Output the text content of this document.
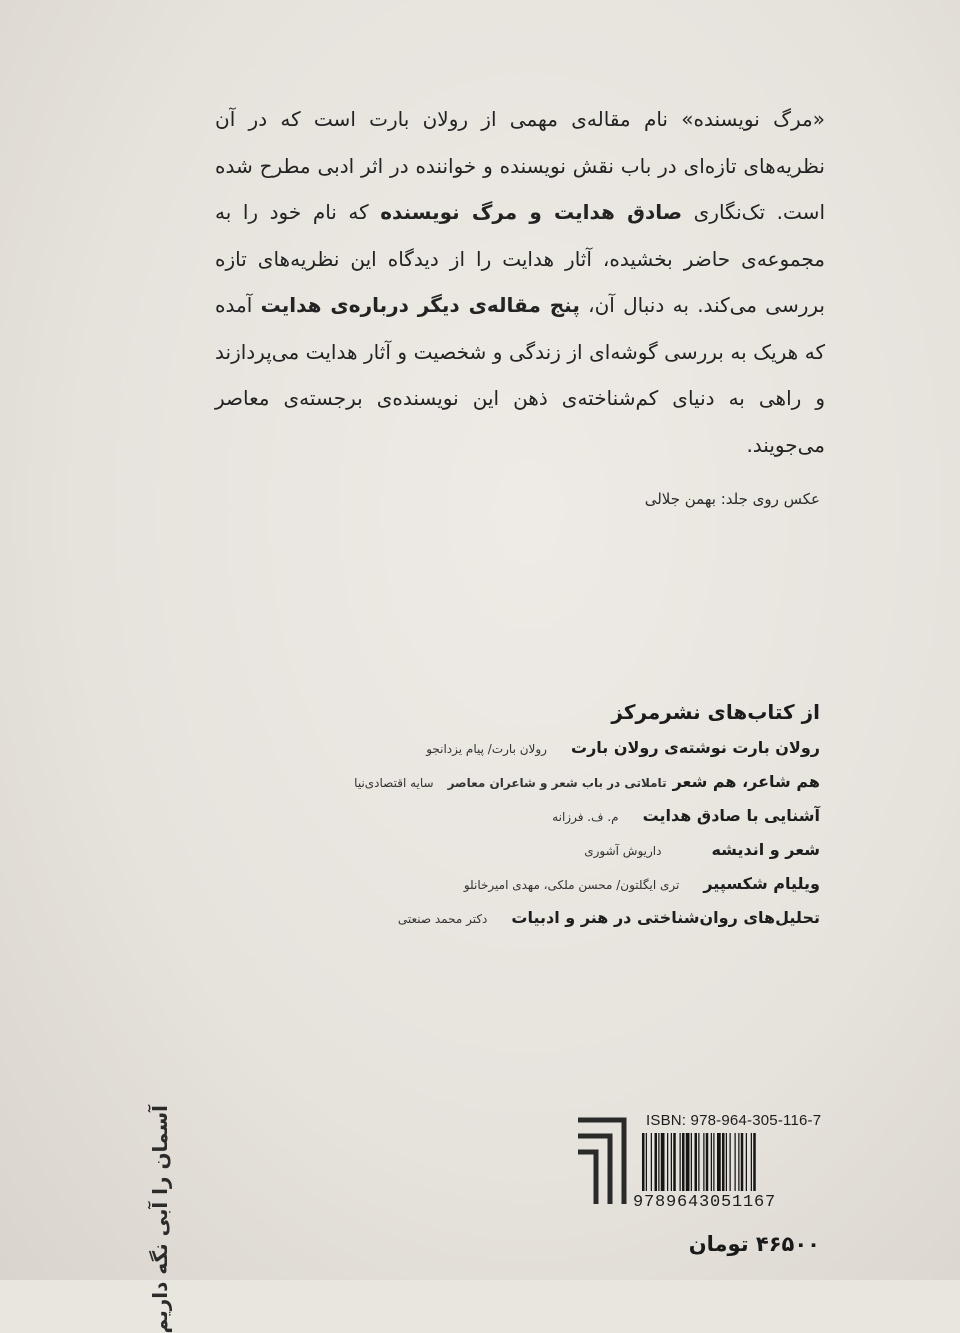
«مرگ نویسنده» نام مقاله‌ی مهمی از رولان بارت است که در آن نظریه‌های تازه‌ای در باب نقش نویسنده و خواننده در اثر ادبی مطرح شده است. تک‌نگاری صادق هدایت و مرگ نویسنده که نام خود را به مجموعه‌ی حاضر بخشیده، آثار هدایت را از دیدگاه این نظریه‌های تازه بررسی می‌کند. به دنبال آن، پنج مقاله‌ی دیگر درباره‌ی هدایت آمده که هریک به بررسی گوشه‌ای از زندگی و شخصیت و آثار هدایت می‌پردازند و راهی به دنیای کم‌شناخته‌ی ذهن این نویسنده‌ی برجسته‌ی معاصر می‌جویند.

عکس روی جلد: بهمن جلالی
آسمان را آبی نگه داریم
از کتاب‌های نشرمرکز
رولان بارت نوشته‌ی رولان بارت
رولان بارت/ پیام یزدانجو
هم شاعر، هم شعر
تاملاتی در باب شعر و شاعران معاصر
سایه اقتصادی‌نیا
آشنایی با صادق هدایت
م. ف. فرزانه
شعر و اندیشه
داریوش آشوری
ویلیام شکسپیر
تری ایگلتون/ محسن ملکی، مهدی امیرخانلو
تحلیل‌های روان‌شناختی در هنر و ادبیات
دکتر محمد صنعتی
ISBN: 978-964-305-116-7
9789643051167
۴۶۵۰۰ تومان
